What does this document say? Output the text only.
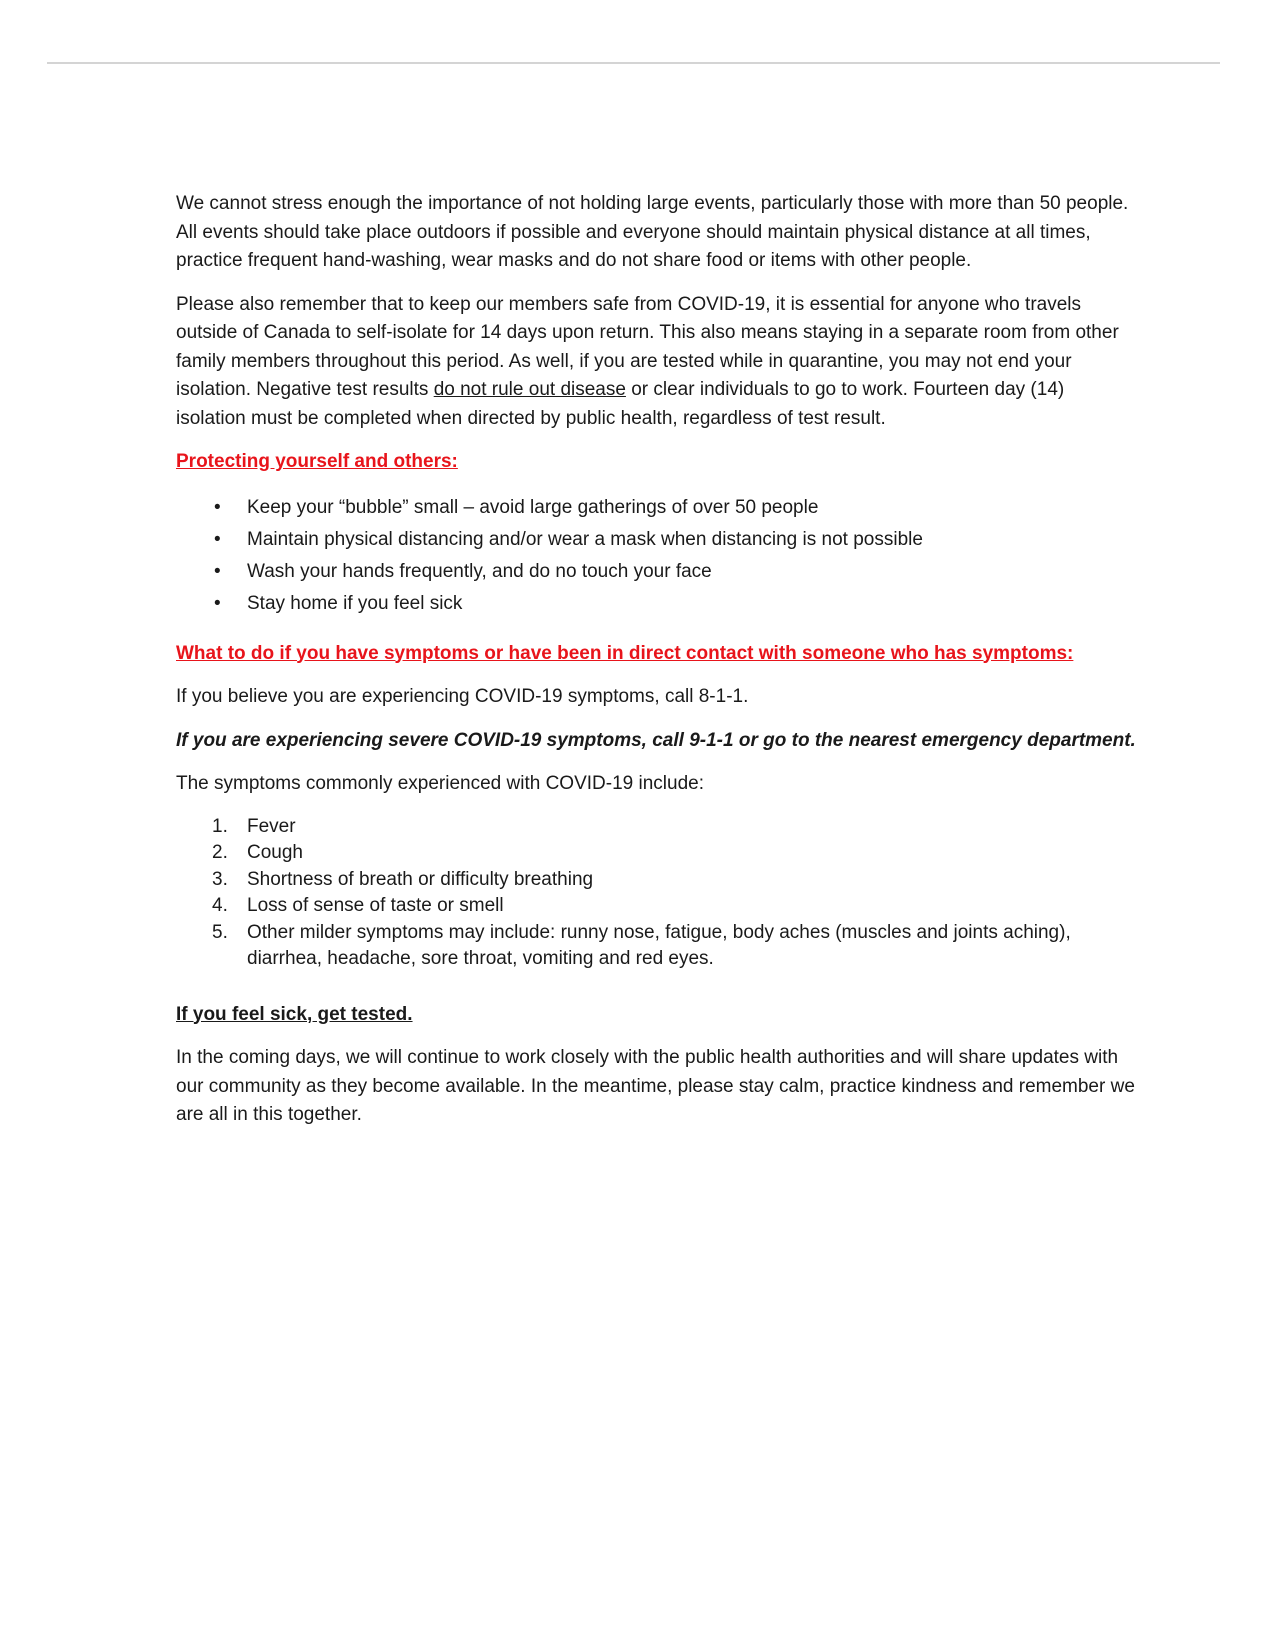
We cannot stress enough the importance of not holding large events, particularly those with more than 50 people. All events should take place outdoors if possible and everyone should maintain physical distance at all times, practice frequent hand-washing, wear masks and do not share food or items with other people.

Please also remember that to keep our members safe from COVID-19, it is essential for anyone who travels outside of Canada to self-isolate for 14 days upon return. This also means staying in a separate room from other family members throughout this period. As well, if you are tested while in quarantine, you may not end your isolation. Negative test results do not rule out disease or clear individuals to go to work. Fourteen day (14) isolation must be completed when directed by public health, regardless of test result.

Protecting yourself and others:

• Keep your “bubble” small – avoid large gatherings of over 50 people
• Maintain physical distancing and/or wear a mask when distancing is not possible
• Wash your hands frequently, and do no touch your face
• Stay home if you feel sick

What to do if you have symptoms or have been in direct contact with someone who has symptoms:

If you believe you are experiencing COVID-19 symptoms, call 8-1-1.

If you are experiencing severe COVID-19 symptoms, call 9-1-1 or go to the nearest emergency department.

The symptoms commonly experienced with COVID-19 include:

1. Fever
2. Cough
3. Shortness of breath or difficulty breathing
4. Loss of sense of taste or smell
5. Other milder symptoms may include: runny nose, fatigue, body aches (muscles and joints aching), diarrhea, headache, sore throat, vomiting and red eyes.

If you feel sick, get tested.

In the coming days, we will continue to work closely with the public health authorities and will share updates with our community as they become available. In the meantime, please stay calm, practice kindness and remember we are all in this together.
